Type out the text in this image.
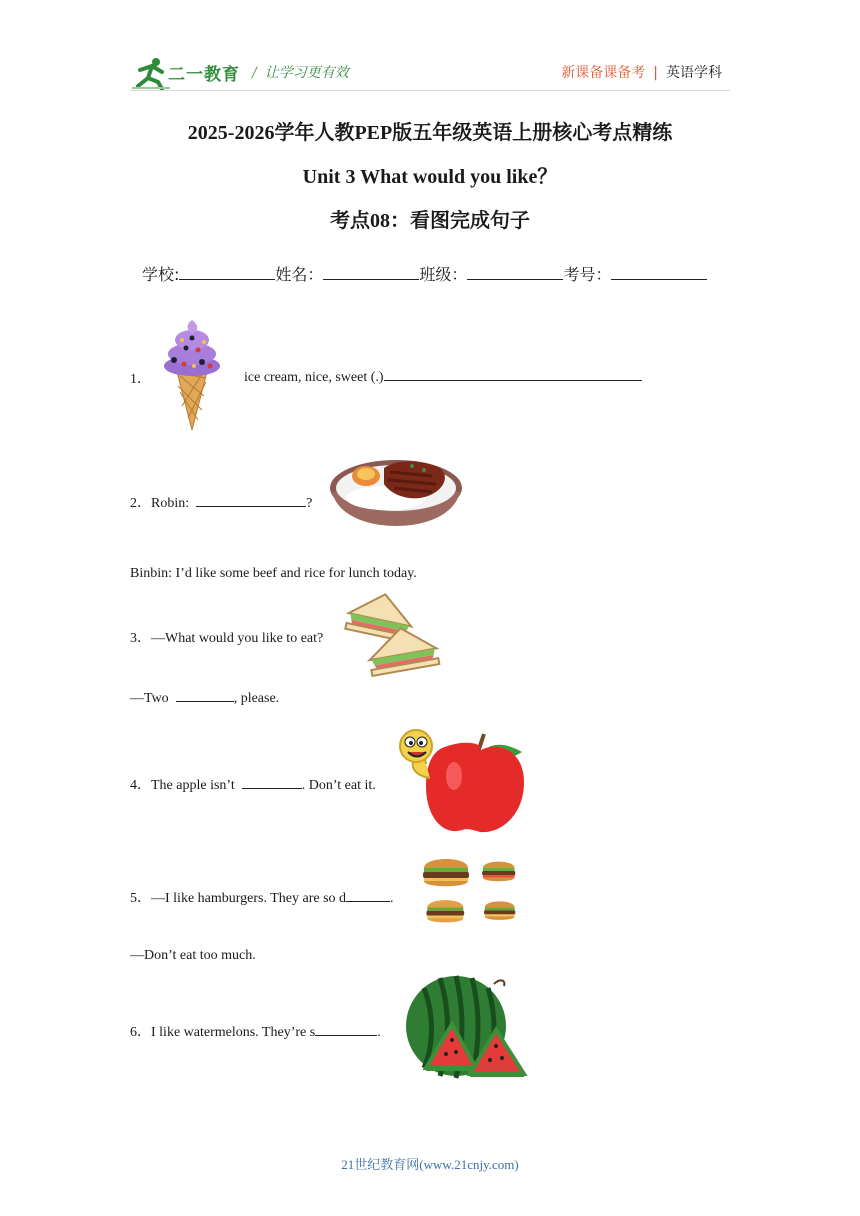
二一教育 / 让学习更有效	新课备课备考 | 英语学科
2025-2026学年人教PEP版五年级英语上册核心考点精练
Unit 3 What would you like？
考点08：看图完成句子
学校:	姓名：	班级：	考号：
1．	ice cream, nice, sweet (.)
2．Robin:	?
Binbin: I’d like some beef and rice for lunch today.
3．—What would you like to eat?
—Two	, please.
4．The apple isn’t	. Don’t eat it.
5．—I like hamburgers. They are so d	.
—Don’t eat too much.
6．I like watermelons. They’re s	.
21世纪教育网(www.21cnjy.com)
